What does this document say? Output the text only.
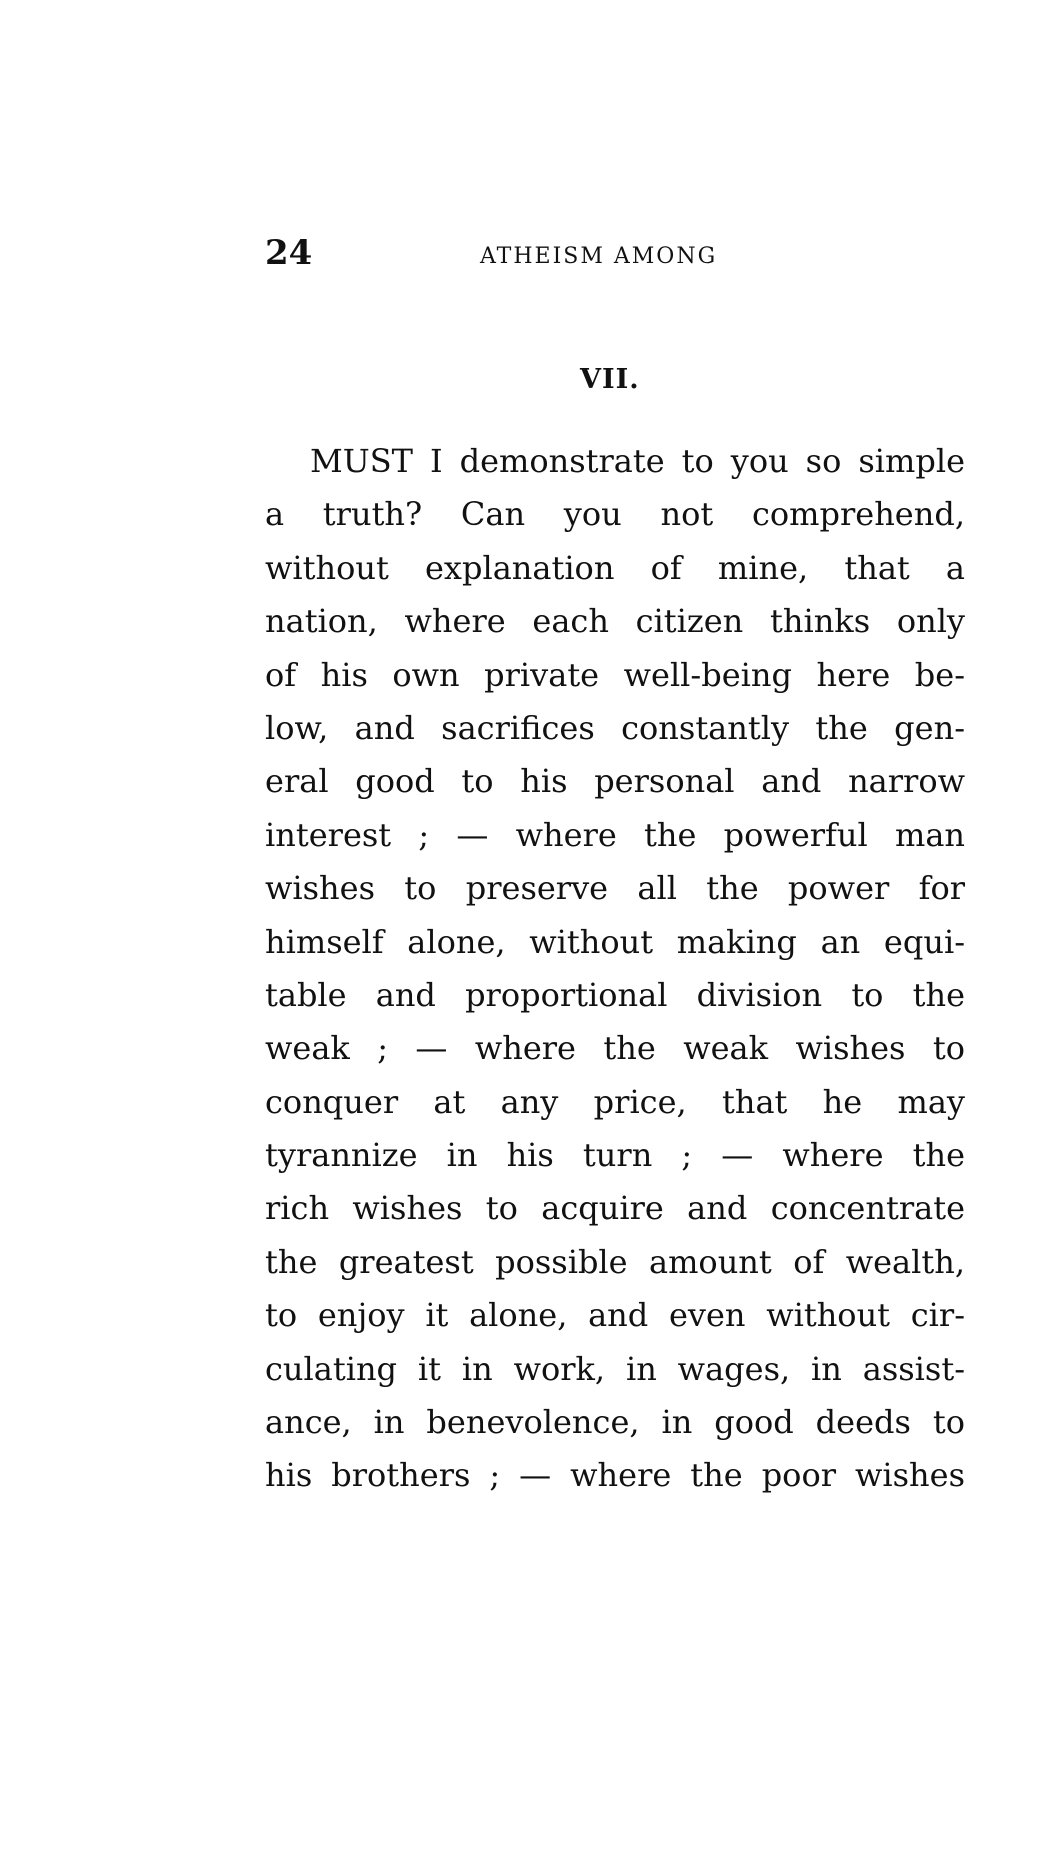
24	ATHEISM AMONG
VII.
MUST I demonstrate to you so simple
a truth? Can you not comprehend,
without explanation of mine, that a
nation, where each citizen thinks only
of his own private well-being here be-
low, and sacrifices constantly the gen-
eral good to his personal and narrow
interest ; — where the powerful man
wishes to preserve all the power for
himself alone, without making an equi-
table and proportional division to the
weak ; — where the weak wishes to
conquer at any price, that he may
tyrannize in his turn ; — where the
rich wishes to acquire and concentrate
the greatest possible amount of wealth,
to enjoy it alone, and even without cir-
culating it in work, in wages, in assist-
ance, in benevolence, in good deeds to
his brothers ; — where the poor wishes
